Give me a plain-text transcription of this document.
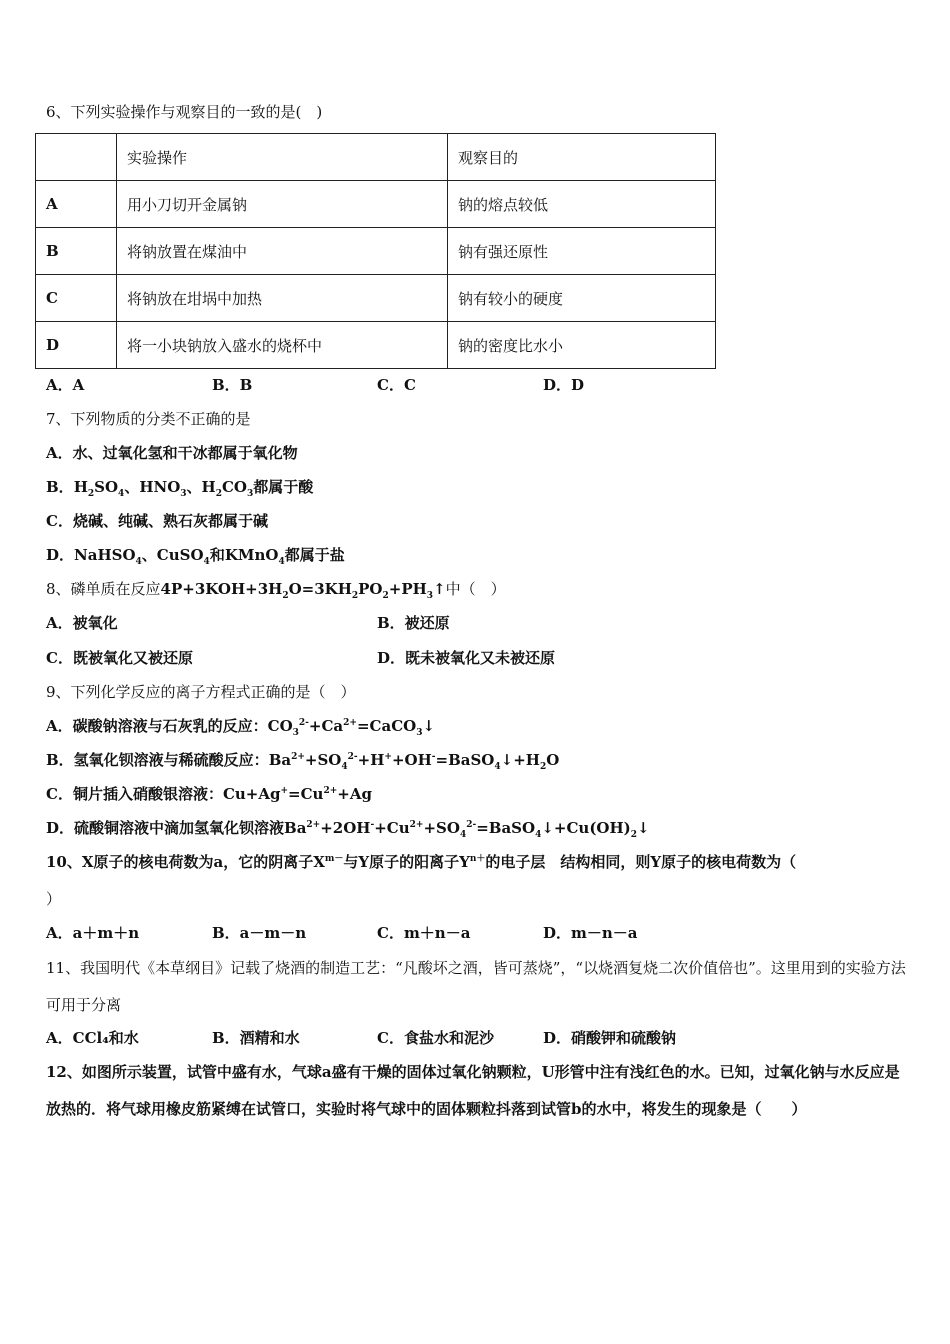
6、下列实验操作与观察目的一致的是(　)
	实验操作	观察目的
A	用小刀切开金属钠	钠的熔点较低
B	将钠放置在煤油中	钠有强还原性
C	将钠放在坩埚中加热	钠有较小的硬度
D	将一小块钠放入盛水的烧杯中	钠的密度比水小
A．A	B．B	C．C	D．D
7、下列物质的分类不正确的是
A．水、过氧化氢和干冰都属于氧化物
B．$H_2SO_4$、$HNO_3$、$H_2CO_3$都属于酸
C．烧碱、纯碱、熟石灰都属于碱
D．NaHSO$_4$、CuSO$_4$和KMnO$_4$都属于盐
8、磷单质在反应$4P+3KOH+3H_2O=3KH_2PO_2+PH_3↑$中（　）
A．被氧化	B．被还原
C．既被氧化又被还原	D．既未被氧化又未被还原
9、下列化学反应的离子方程式正确的是（　）
A．碳酸钠溶液与石灰乳的反应：$CO_3^{2-}+Ca^{2+}=CaCO_3↓$
B．氢氧化钡溶液与稀硫酸反应：$Ba^{2+}+SO_4^{2-}+H^++OH^-=BaSO_4↓+H_2O$
C．铜片插入硝酸银溶液：$Cu+Ag^+=Cu^{2+}+Ag$
D．硫酸铜溶液中滴加氢氧化钡溶液$Ba^{2+}+2OH^-+Cu^{2+}+SO_4^{2-}=BaSO_4↓+Cu(OH)_2↓$
10、X原子的核电荷数为a，它的阴离子$X^{m-}$与Y原子的阳离子$Y^{n+}$的电子层　结构相同，则Y原子的核电荷数为（
）
A．a＋m＋n	B．a－m－n	C．m＋n－a	D．m－n－a
11、我国明代《本草纲目》记载了烧酒的制造工艺：“凡酸坏之酒，皆可蒸烧”，“以烧酒复烧二次价值倍也”。这里用到的实验方法可用于分离
A．CCl₄和水	B．酒精和水	C．食盐水和泥沙	D．硝酸钾和硫酸钠
12、如图所示装置，试管中盛有水，气球a盛有干燥的固体过氧化钠颗粒，U形管中注有浅红色的水。已知，过氧化钠与水反应是放热的．将气球用橡皮筋紧缚在试管口，实验时将气球中的固体颗粒抖落到试管b的水中，将发生的现象是（　　）
